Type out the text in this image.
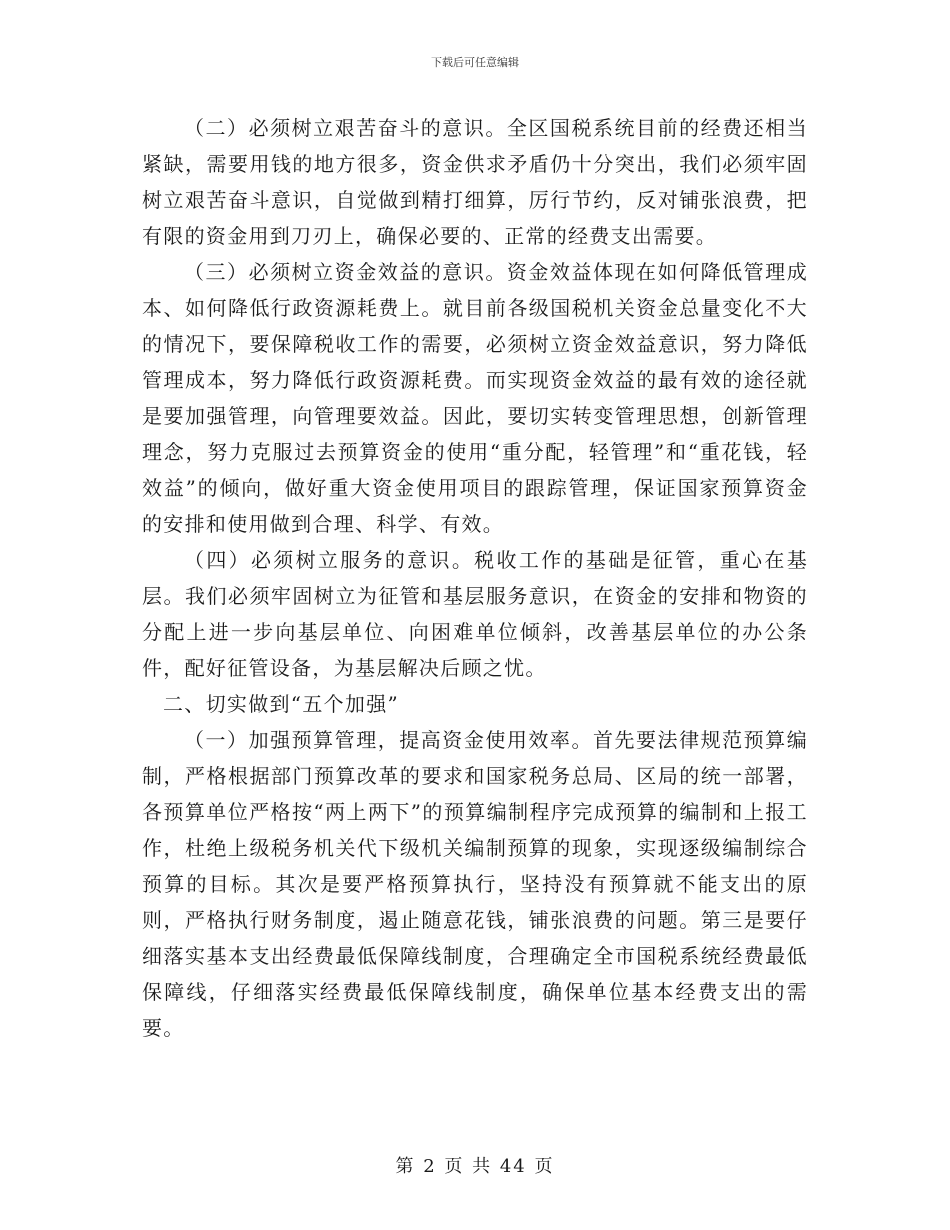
下载后可任意编辑

（二）必须树立艰苦奋斗的意识。全区国税系统目前的经费还相当紧缺，需要用钱的地方很多，资金供求矛盾仍十分突出，我们必须牢固树立艰苦奋斗意识，自觉做到精打细算，厉行节约，反对铺张浪费，把有限的资金用到刀刃上，确保必要的、正常的经费支出需要。

（三）必须树立资金效益的意识。资金效益体现在如何降低管理成本、如何降低行政资源耗费上。就目前各级国税机关资金总量变化不大的情况下，要保障税收工作的需要，必须树立资金效益意识，努力降低管理成本，努力降低行政资源耗费。而实现资金效益的最有效的途径就是要加强管理，向管理要效益。因此，要切实转变管理思想，创新管理理念，努力克服过去预算资金的使用“重分配，轻管理”和“重花钱，轻效益”的倾向，做好重大资金使用项目的跟踪管理，保证国家预算资金的安排和使用做到合理、科学、有效。

（四）必须树立服务的意识。税收工作的基础是征管，重心在基层。我们必须牢固树立为征管和基层服务意识，在资金的安排和物资的分配上进一步向基层单位、向困难单位倾斜，改善基层单位的办公条件，配好征管设备，为基层解决后顾之忧。

二、切实做到“五个加强”

（一）加强预算管理，提高资金使用效率。首先要法律规范预算编制，严格根据部门预算改革的要求和国家税务总局、区局的统一部署，各预算单位严格按“两上两下”的预算编制程序完成预算的编制和上报工作，杜绝上级税务机关代下级机关编制预算的现象，实现逐级编制综合预算的目标。其次是要严格预算执行，坚持没有预算就不能支出的原则，严格执行财务制度，遏止随意花钱，铺张浪费的问题。第三是要仔细落实基本支出经费最低保障线制度，合理确定全市国税系统经费最低保障线，仔细落实经费最低保障线制度，确保单位基本经费支出的需要。

第 2 页 共 44 页
